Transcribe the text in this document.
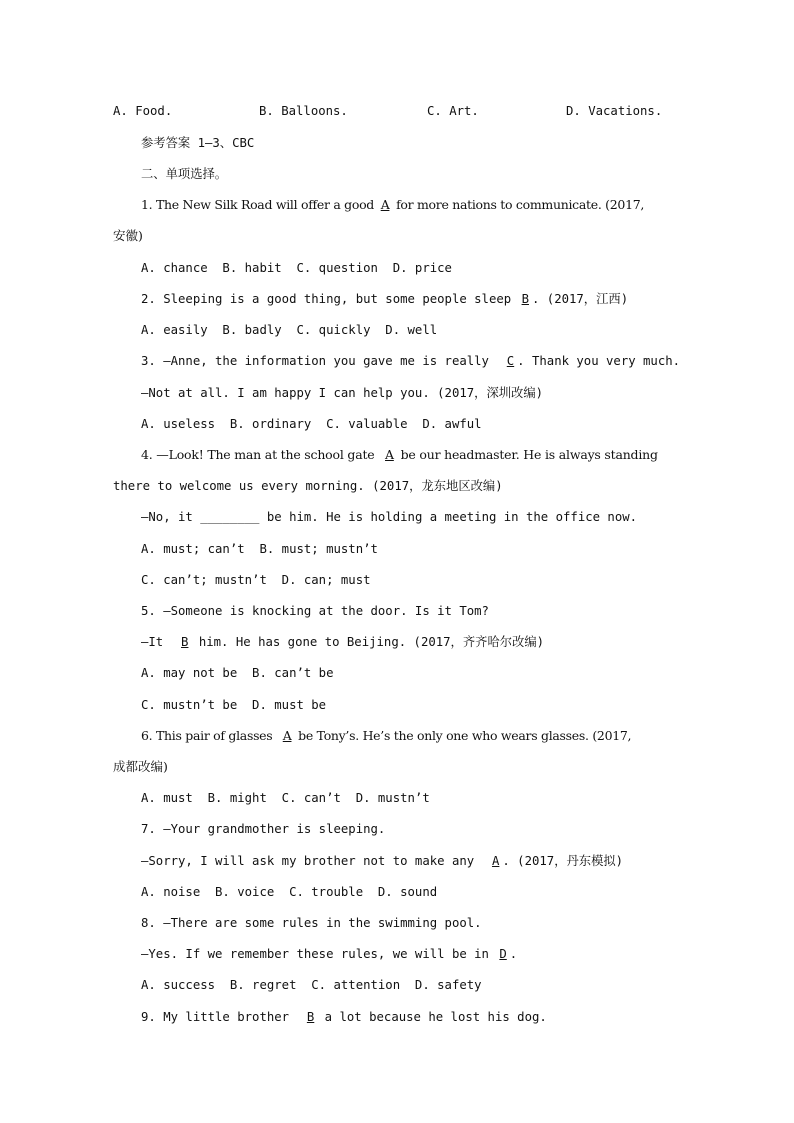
A. Food.	B. Balloons.	C. Art.	D. Vacations.
参考答案 1—3、CBC
二、单项选择。
1. The New Silk Road will offer a good A for more nations to communicate. (2017,
安徽)
A. chance  B. habit  C. question  D. price
2. Sleeping is a good thing, but some people sleep B . (2017，江西)
A. easily  B. badly  C. quickly  D. well
3. —Anne, the information you gave me is really  C . Thank you very much.
—Not at all. I am happy I can help you. (2017，深圳改编)
A. useless  B. ordinary  C. valuable  D. awful
4. —Look! The man at the school gate  A be our headmaster. He is always standing
there to welcome us every morning. (2017，龙东地区改编)
—No, it ________ be him. He is holding a meeting in the office now.
A. must; can’t  B. must; mustn’t
C. can’t; mustn’t  D. can; must
5. —Someone is knocking at the door. Is it Tom?
—It  B him. He has gone to Beijing. (2017，齐齐哈尔改编)
A. may not be  B. can’t be
C. mustn’t be  D. must be
6. This pair of glasses  A be Tony’s. He’s the only one who wears glasses. (2017,
成都改编)
A. must  B. might  C. can’t  D. mustn’t
7. —Your grandmother is sleeping.
—Sorry, I will ask my brother not to make any  A . (2017，丹东模拟)
A. noise  B. voice  C. trouble  D. sound
8. —There are some rules in the swimming pool.
—Yes. If we remember these rules, we will be in D .
A. success  B. regret  C. attention  D. safety
9. My little brother  B a lot because he lost his dog.
